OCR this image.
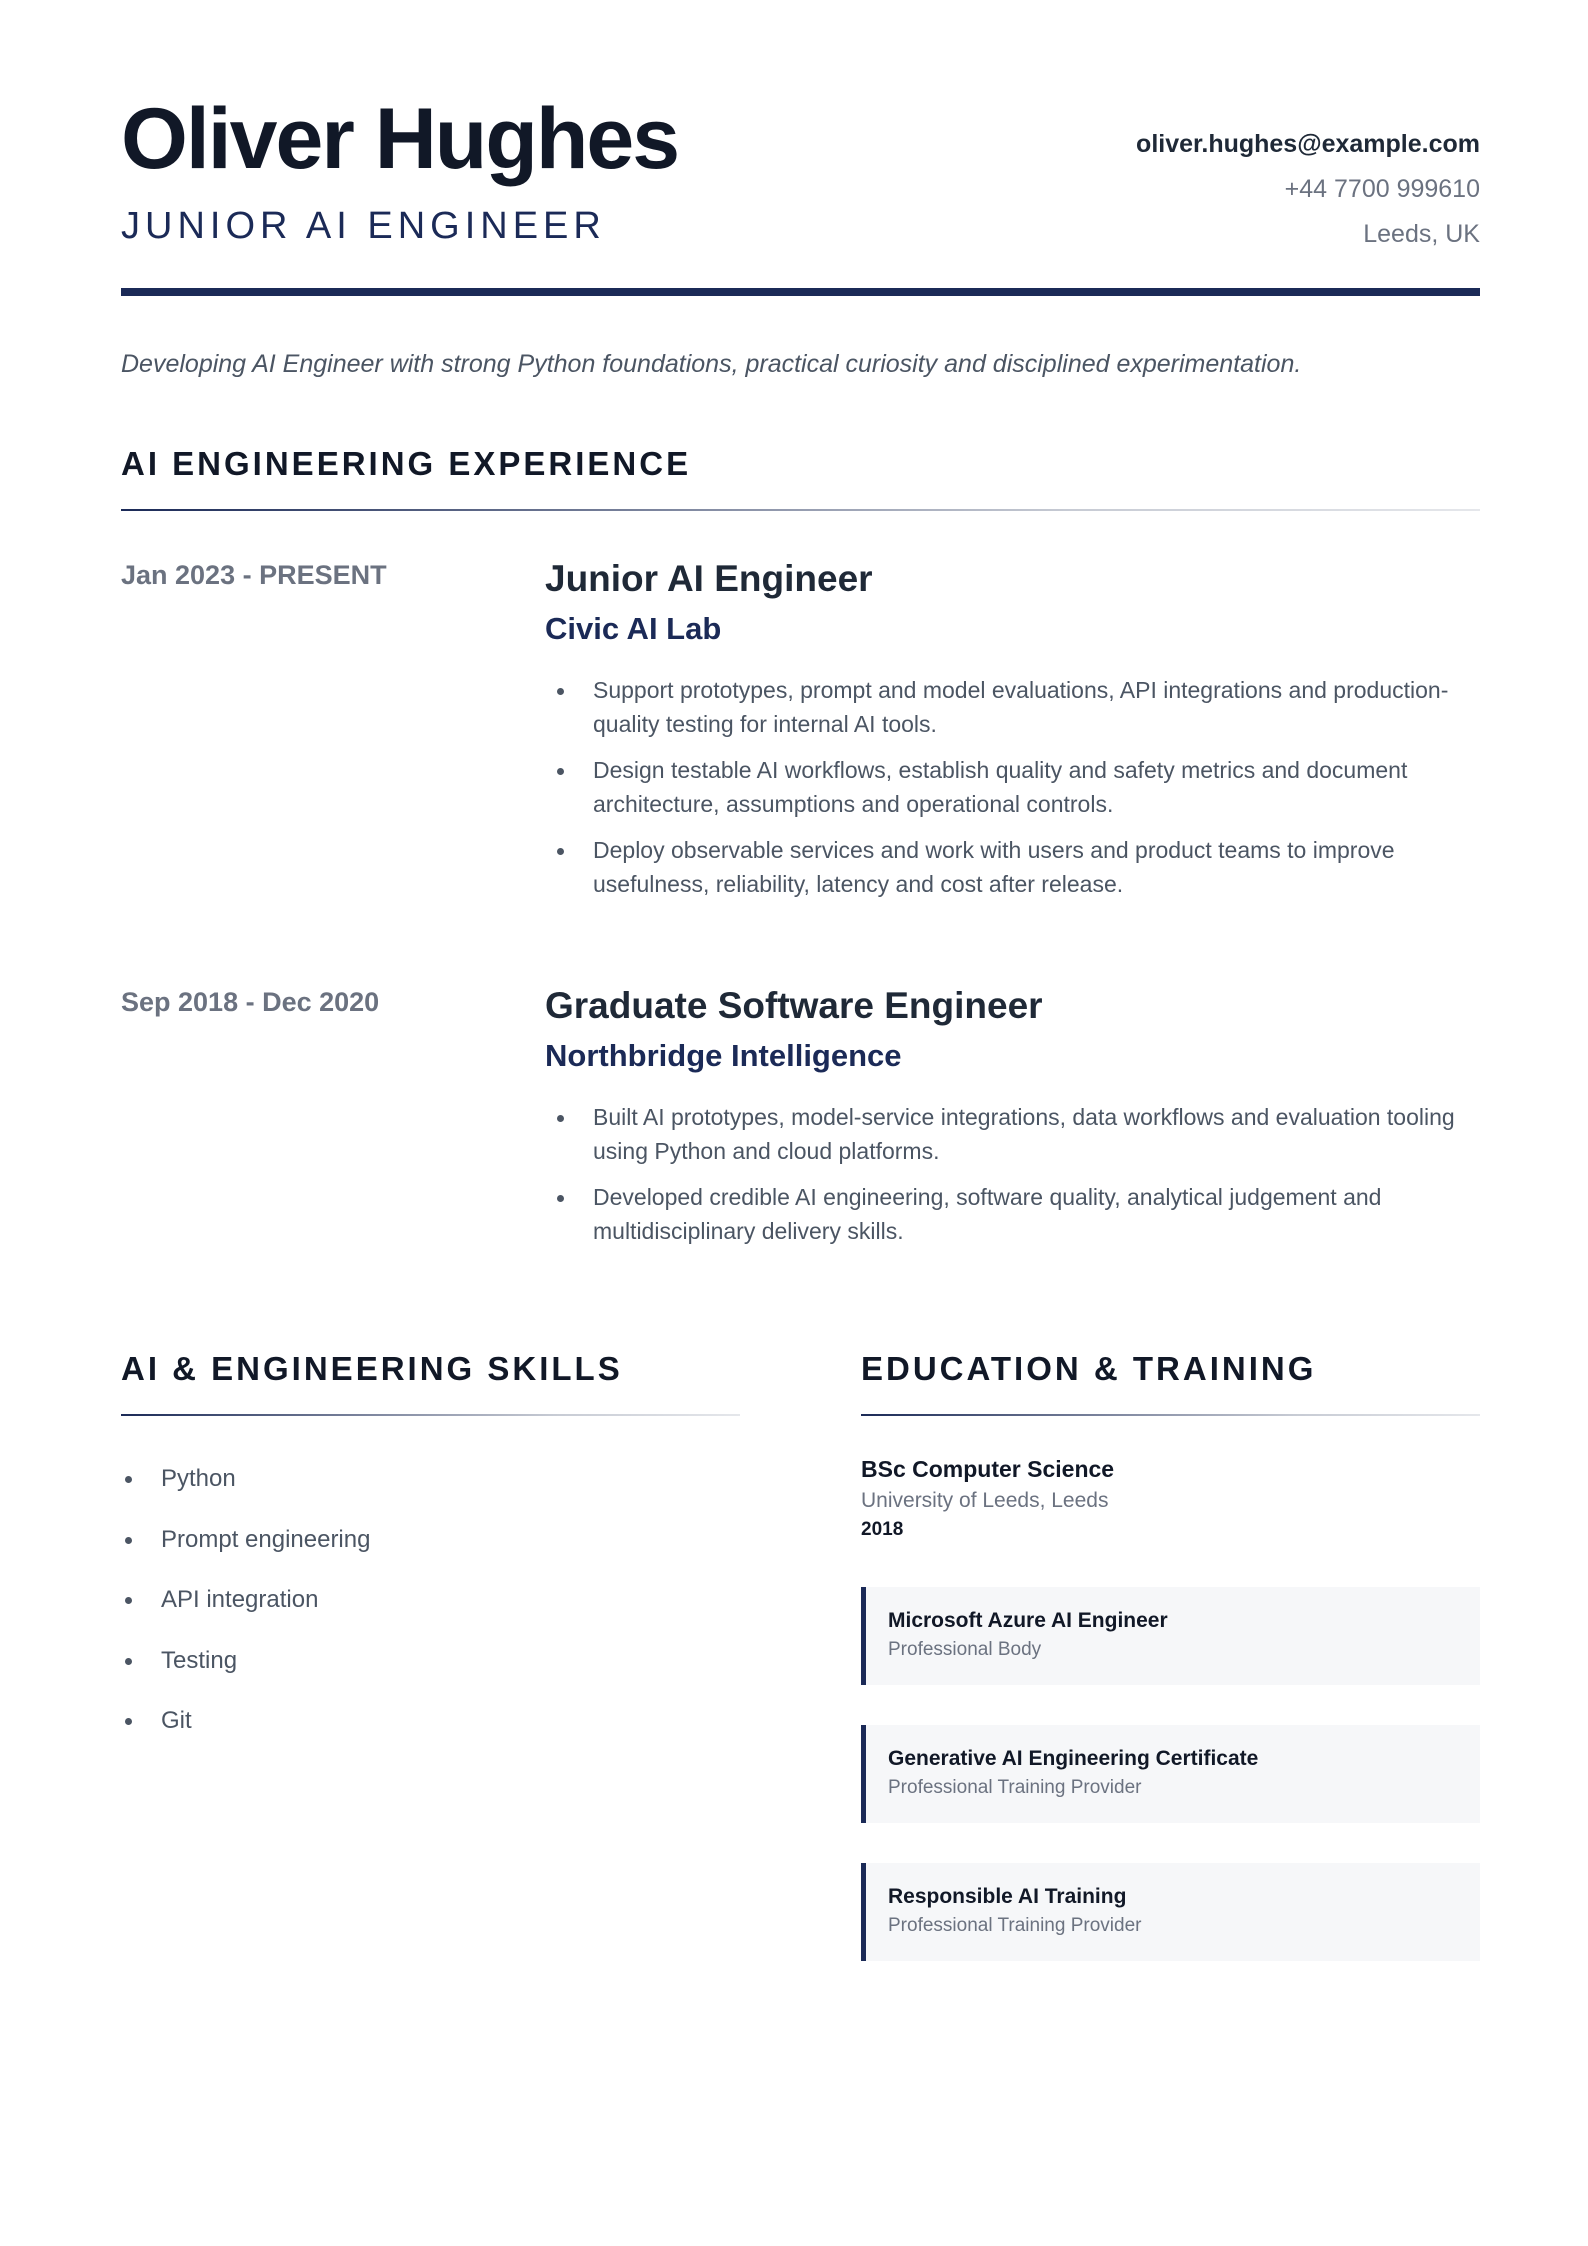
Oliver Hughes
JUNIOR AI ENGINEER
oliver.hughes@example.com
+44 7700 999610
Leeds, UK
Developing AI Engineer with strong Python foundations, practical curiosity and disciplined experimentation.
AI ENGINEERING EXPERIENCE
Jan 2023 - PRESENT	Junior AI Engineer
Civic AI Lab
Support prototypes, prompt and model evaluations, API integrations and production-quality testing for internal AI tools.
Design testable AI workflows, establish quality and safety metrics and document architecture, assumptions and operational controls.
Deploy observable services and work with users and product teams to improve usefulness, reliability, latency and cost after release.
Sep 2018 - Dec 2020	Graduate Software Engineer
Northbridge Intelligence
Built AI prototypes, model-service integrations, data workflows and evaluation tooling using Python and cloud platforms.
Developed credible AI engineering, software quality, analytical judgement and multidisciplinary delivery skills.
AI & ENGINEERING SKILLS
Python
Prompt engineering
API integration
Testing
Git
EDUCATION & TRAINING
BSc Computer Science
University of Leeds, Leeds
2018
Microsoft Azure AI Engineer
Professional Body
Generative AI Engineering Certificate
Professional Training Provider
Responsible AI Training
Professional Training Provider
